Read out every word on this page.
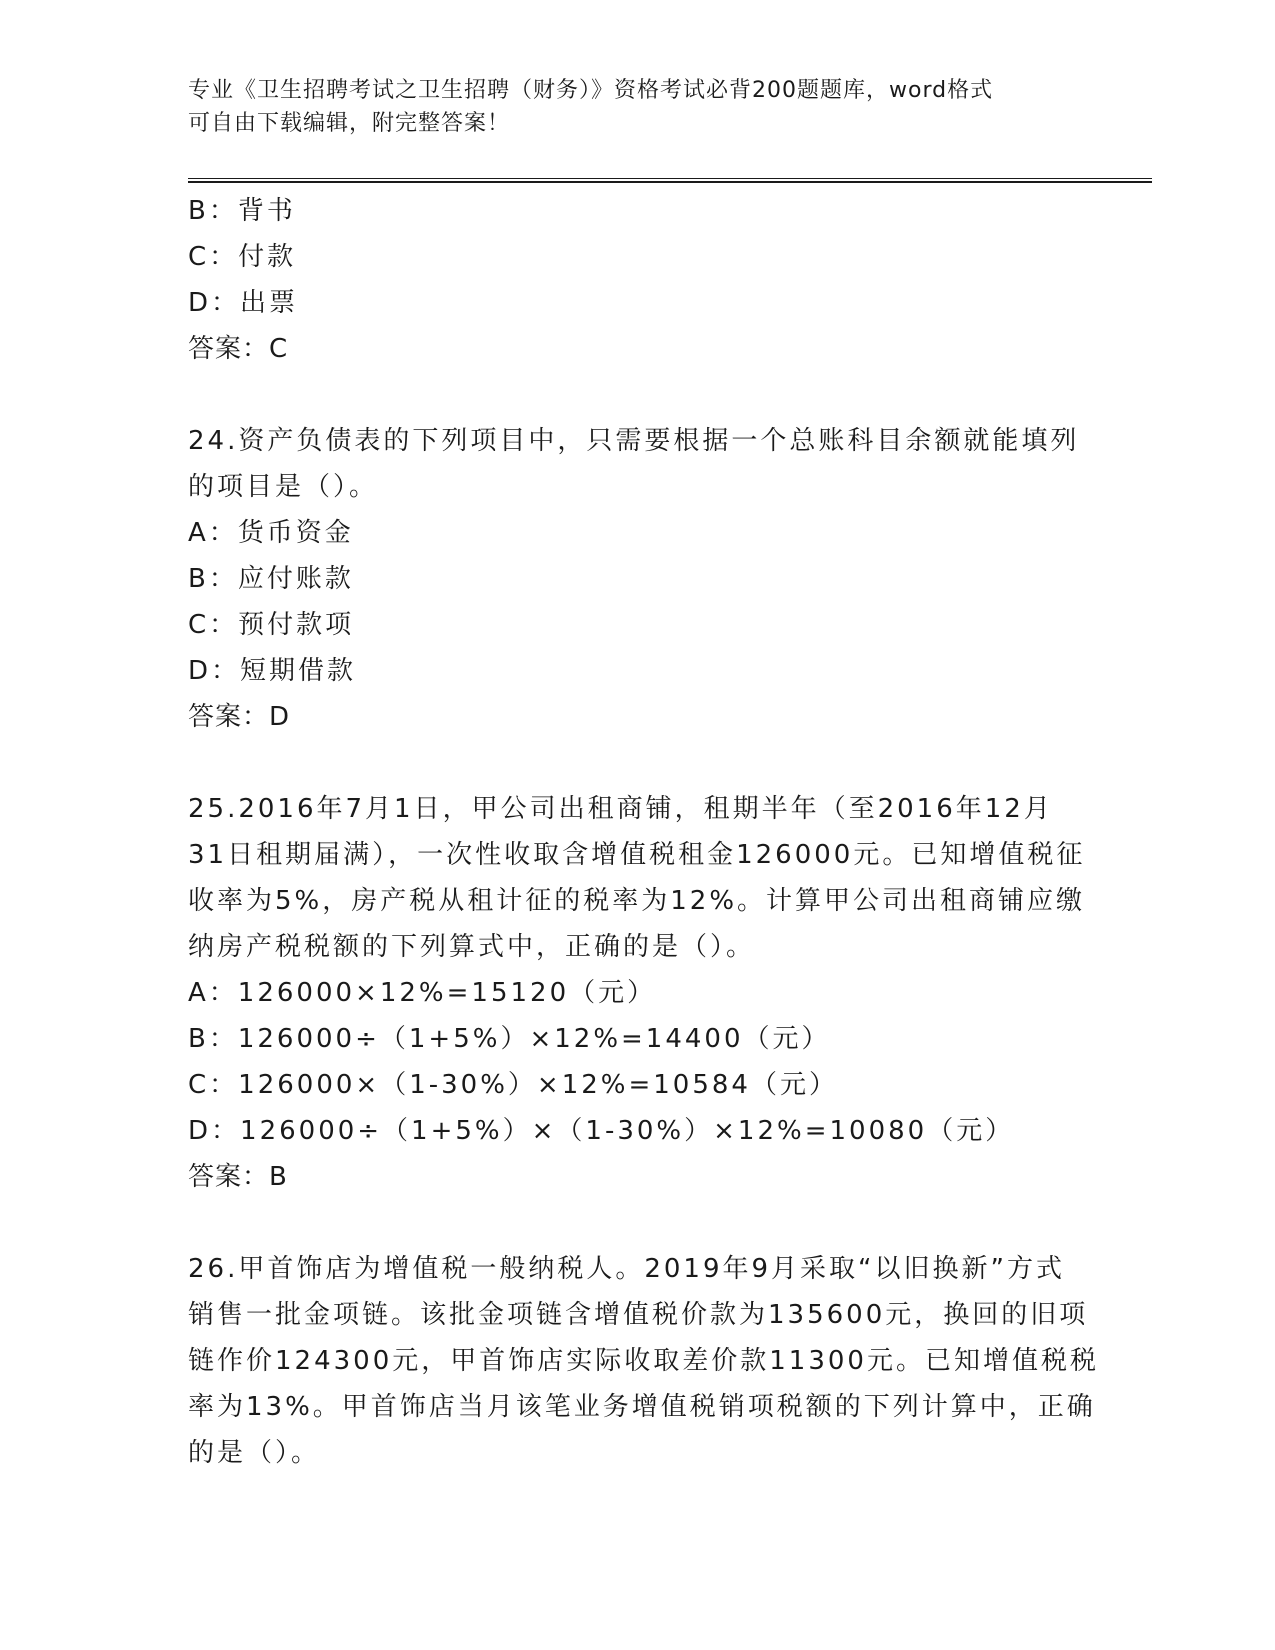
专业《卫生招聘考试之卫生招聘（财务）》资格考试必背200题题库，word格式
可自由下载编辑，附完整答案！
B：背书
C：付款
D：出票
答案：C
24.资产负债表的下列项目中，只需要根据一个总账科目余额就能填列
的项目是（）。
A：货币资金
B：应付账款
C：预付款项
D：短期借款
答案：D
25.2016年7月1日，甲公司出租商铺，租期半年（至2016年12月
31日租期届满），一次性收取含增值税租金126000元。已知增值税征
收率为5%，房产税从租计征的税率为12%。计算甲公司出租商铺应缴
纳房产税税额的下列算式中，正确的是（）。
A：126000×12%=15120（元）
B：126000÷（1+5%）×12%=14400（元）
C：126000×（1-30%）×12%=10584（元）
D：126000÷（1+5%）×（1-30%）×12%=10080（元）
答案：B
26.甲首饰店为增值税一般纳税人。2019年9月采取“以旧换新”方式
销售一批金项链。该批金项链含增值税价款为135600元，换回的旧项
链作价124300元，甲首饰店实际收取差价款11300元。已知增值税税
率为13%。甲首饰店当月该笔业务增值税销项税额的下列计算中，正确
的是（）。
